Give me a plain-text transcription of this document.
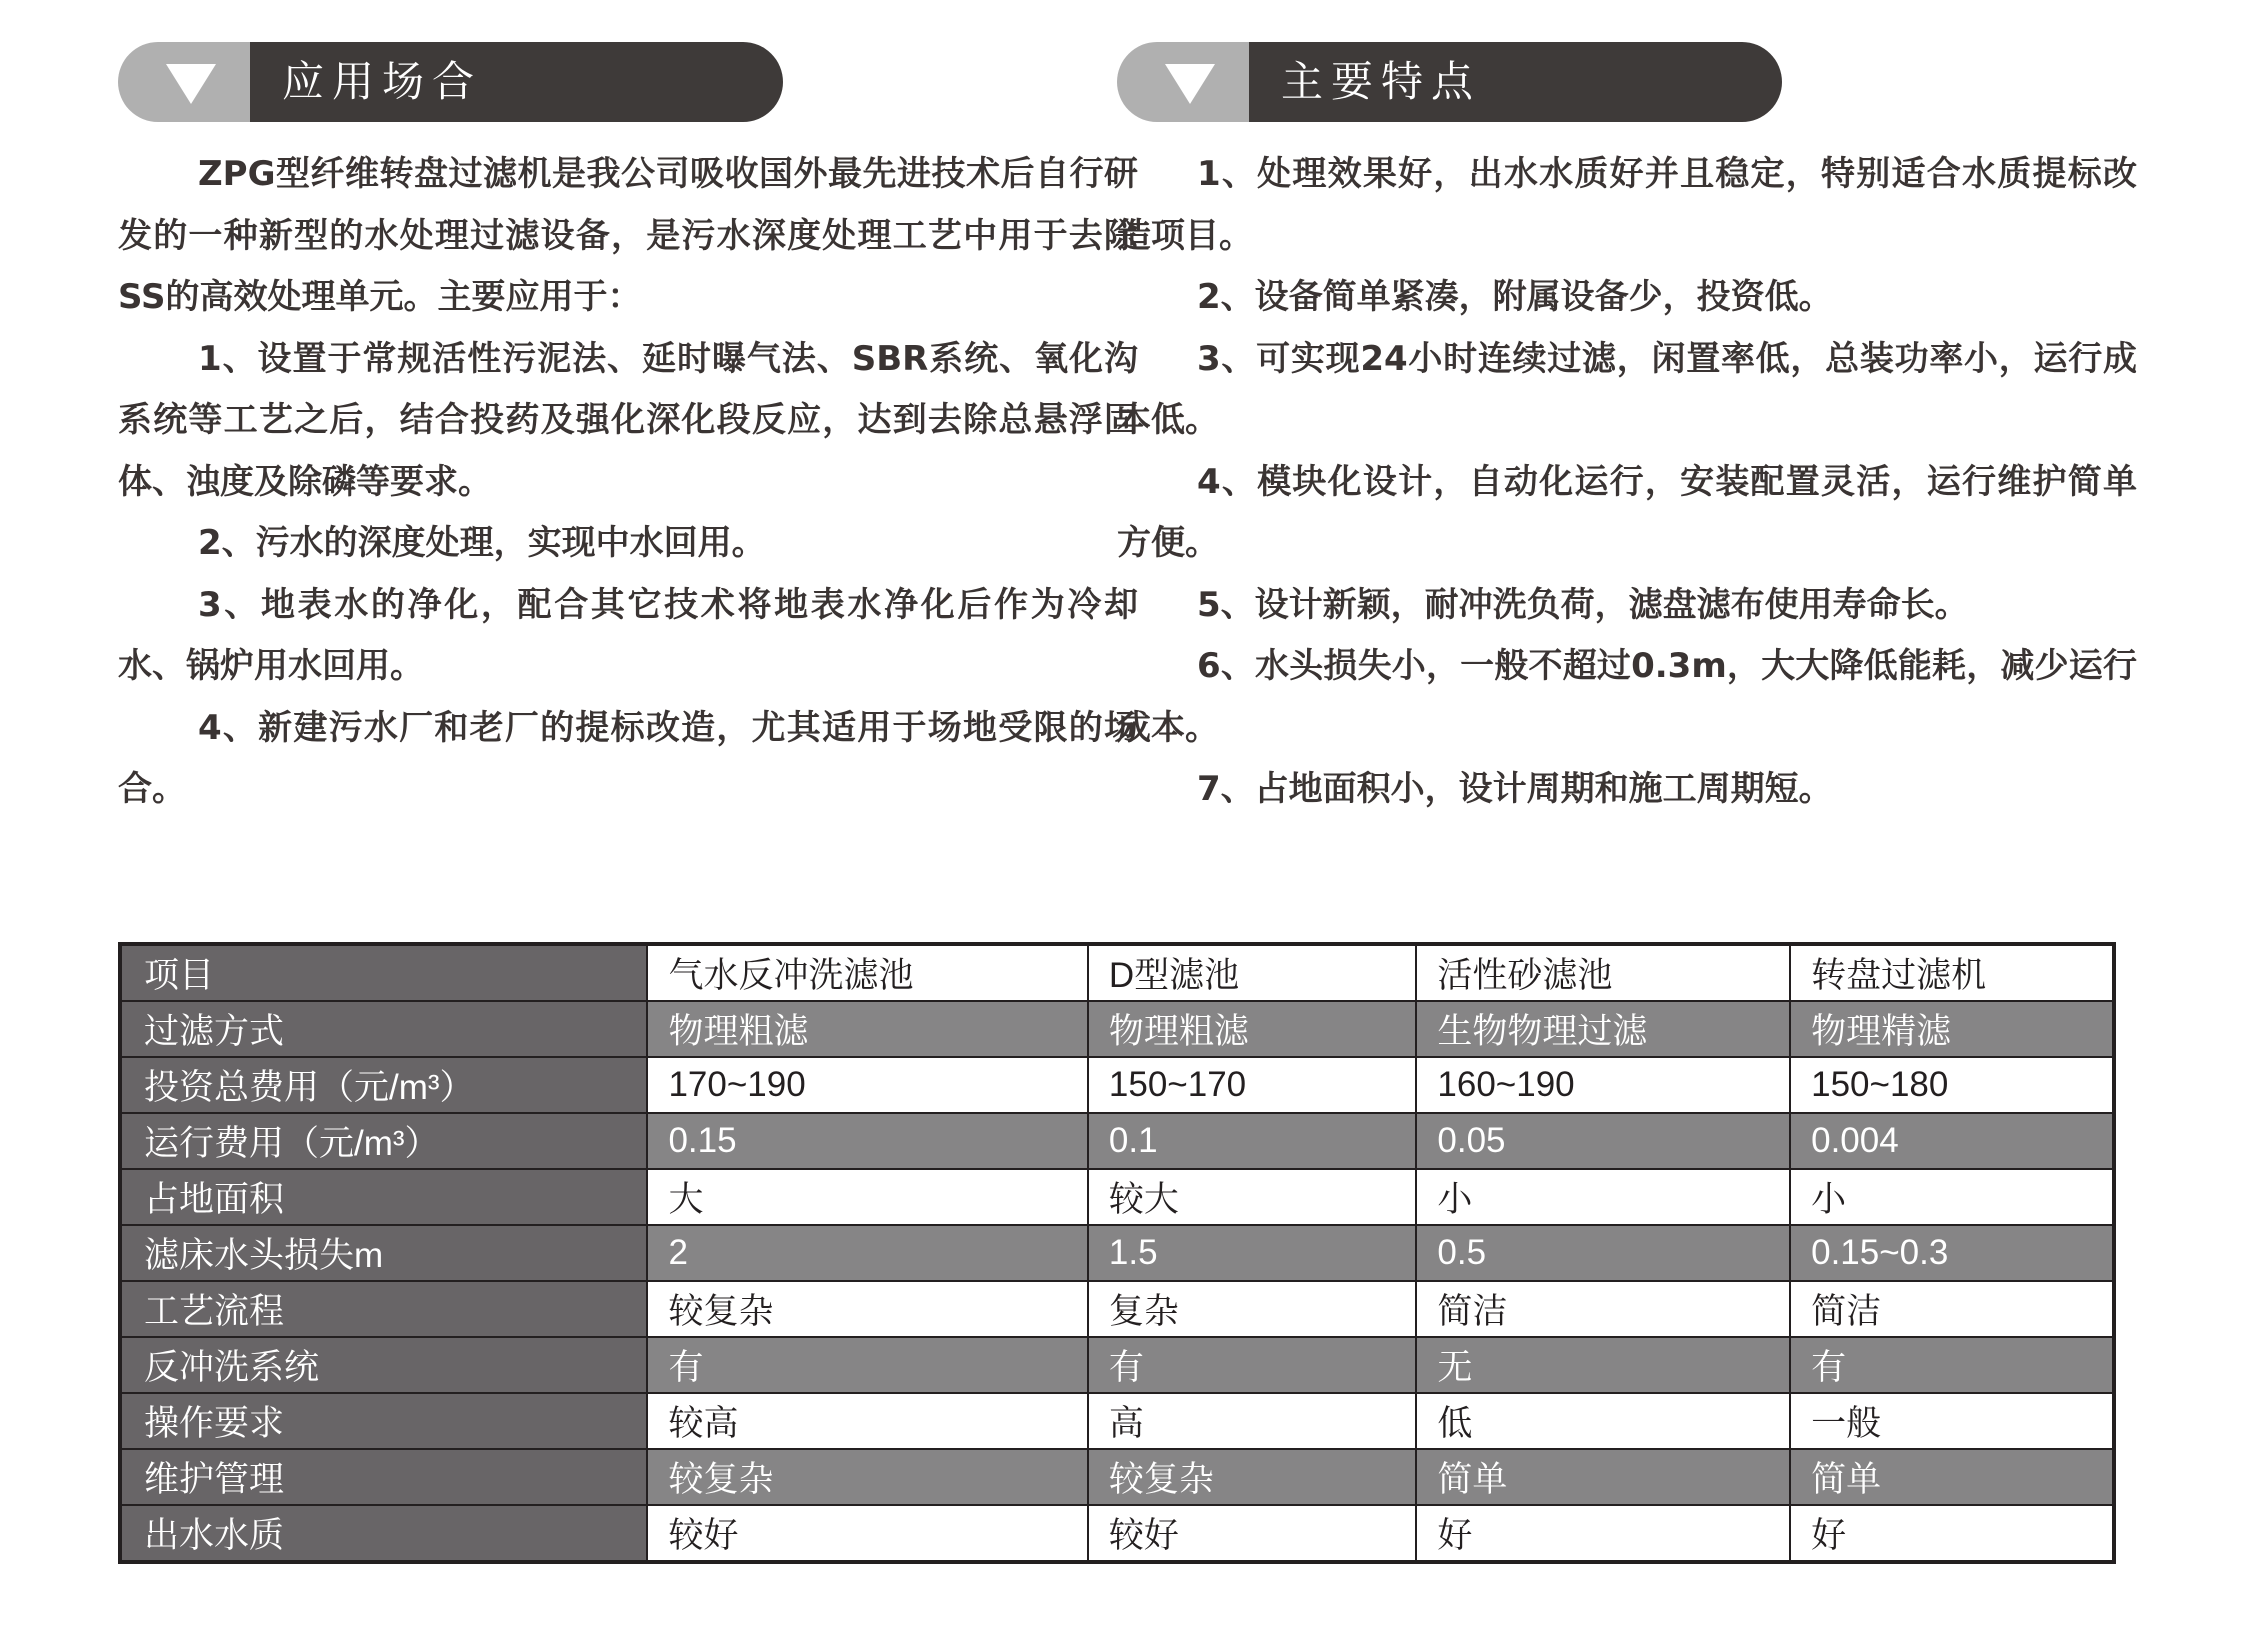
应用场合

ZPG型纤维转盘过滤机是我公司吸收国外最先进技术后自行研发的一种新型的水处理过滤设备，是污水深度处理工艺中用于去除SS的高效处理单元。主要应用于：

1、设置于常规活性污泥法、延时曝气法、SBR系统、氧化沟系统等工艺之后，结合投药及强化深化段反应，达到去除总悬浮固体、浊度及除磷等要求。

2、污水的深度处理，实现中水回用。

3、地表水的净化，配合其它技术将地表水净化后作为冷却水、锅炉用水回用。

4、新建污水厂和老厂的提标改造，尤其适用于场地受限的场合。

主要特点

1、处理效果好，出水水质好并且稳定，特别适合水质提标改造项目。

2、设备简单紧凑，附属设备少，投资低。

3、可实现24小时连续过滤，闲置率低，总装功率小，运行成本低。

4、模块化设计，自动化运行，安装配置灵活，运行维护简单方便。

5、设计新颖，耐冲洗负荷，滤盘滤布使用寿命长。

6、水头损失小，一般不超过0.3m，大大降低能耗，减少运行成本。

7、占地面积小，设计周期和施工周期短。

项目	气水反冲洗滤池	D型滤池	活性砂滤池	转盘过滤机
过滤方式	物理粗滤	物理粗滤	生物物理过滤	物理精滤
投资总费用（元/m³）	170~190	150~170	160~190	150~180
运行费用（元/m³）	0.15	0.1	0.05	0.004
占地面积	大	较大	小	小
滤床水头损失m	2	1.5	0.5	0.15~0.3
工艺流程	较复杂	复杂	简洁	简洁
反冲洗系统	有	有	无	有
操作要求	较高	高	低	一般
维护管理	较复杂	较复杂	简单	简单
出水水质	较好	较好	好	好
